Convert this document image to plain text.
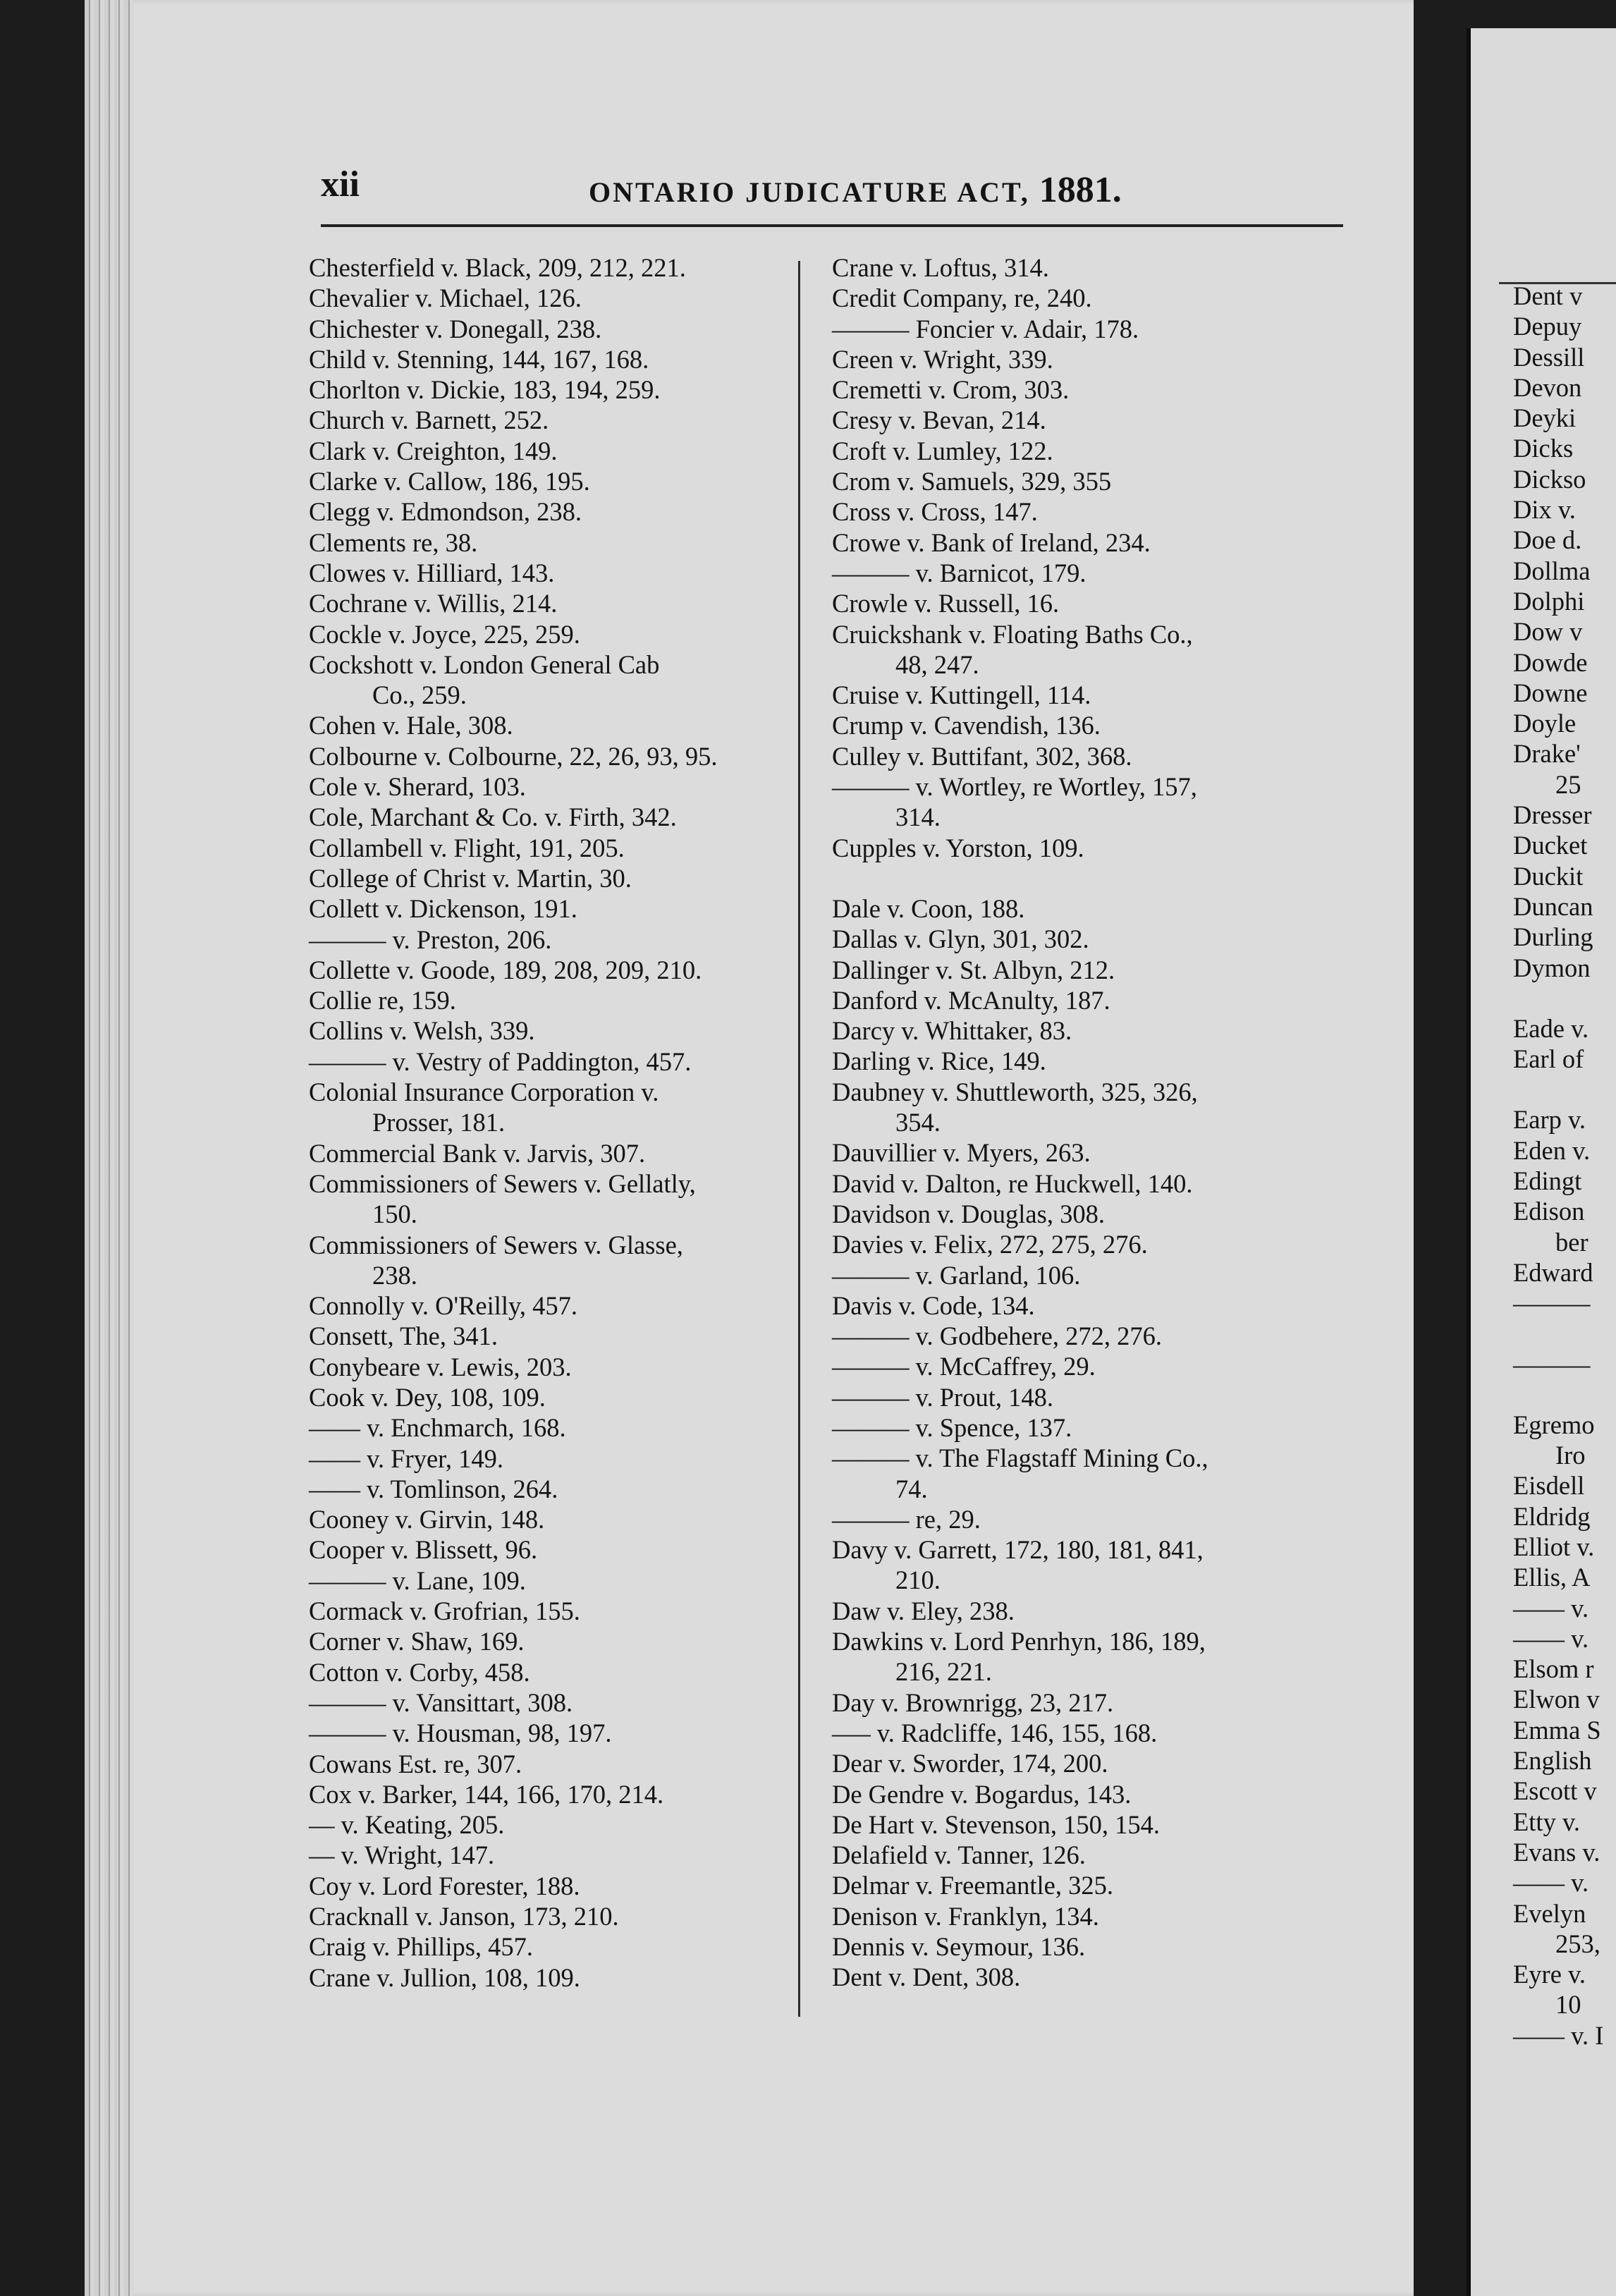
xii	ONTARIO JUDICATURE ACT, 1881.
Chesterfield v. Black, 209, 212, 221.
Chevalier v. Michael, 126.
Chichester v. Donegall, 238.
Child v. Stenning, 144, 167, 168.
Chorlton v. Dickie, 183, 194, 259.
Church v. Barnett, 252.
Clark v. Creighton, 149.
Clarke v. Callow, 186, 195.
Clegg v. Edmondson, 238.
Clements re, 38.
Clowes v. Hilliard, 143.
Cochrane v. Willis, 214.
Cockle v. Joyce, 225, 259.
Cockshott v. London General Cab
Co., 259.
Cohen v. Hale, 308.
Colbourne v. Colbourne, 22, 26, 93, 95.
Cole v. Sherard, 103.
Cole, Marchant & Co. v. Firth, 342.
Collambell v. Flight, 191, 205.
College of Christ v. Martin, 30.
Collett v. Dickenson, 191.
——— v. Preston, 206.
Collette v. Goode, 189, 208, 209, 210.
Collie re, 159.
Collins v. Welsh, 339.
——— v. Vestry of Paddington, 457.
Colonial Insurance Corporation v.
Prosser, 181.
Commercial Bank v. Jarvis, 307.
Commissioners of Sewers v. Gellatly,
150.
Commissioners of Sewers v. Glasse,
238.
Connolly v. O'Reilly, 457.
Consett, The, 341.
Conybeare v. Lewis, 203.
Cook v. Dey, 108, 109.
—— v. Enchmarch, 168.
—— v. Fryer, 149.
—— v. Tomlinson, 264.
Cooney v. Girvin, 148.
Cooper v. Blissett, 96.
——— v. Lane, 109.
Cormack v. Grofrian, 155.
Corner v. Shaw, 169.
Cotton v. Corby, 458.
——— v. Vansittart, 308.
——— v. Housman, 98, 197.
Cowans Est. re, 307.
Cox v. Barker, 144, 166, 170, 214.
— v. Keating, 205.
— v. Wright, 147.
Coy v. Lord Forester, 188.
Cracknall v. Janson, 173, 210.
Craig v. Phillips, 457.
Crane v. Jullion, 108, 109.
Crane v. Loftus, 314.
Credit Company, re, 240.
——— Foncier v. Adair, 178.
Creen v. Wright, 339.
Cremetti v. Crom, 303.
Cresy v. Bevan, 214.
Croft v. Lumley, 122.
Crom v. Samuels, 329, 355
Cross v. Cross, 147.
Crowe v. Bank of Ireland, 234.
——— v. Barnicot, 179.
Crowle v. Russell, 16.
Cruickshank v. Floating Baths Co.,
48, 247.
Cruise v. Kuttingell, 114.
Crump v. Cavendish, 136.
Culley v. Buttifant, 302, 368.
——— v. Wortley, re Wortley, 157,
314.
Cupples v. Yorston, 109.
Dale v. Coon, 188.
Dallas v. Glyn, 301, 302.
Dallinger v. St. Albyn, 212.
Danford v. McAnulty, 187.
Darcy v. Whittaker, 83.
Darling v. Rice, 149.
Daubney v. Shuttleworth, 325, 326,
354.
Dauvillier v. Myers, 263.
David v. Dalton, re Huckwell, 140.
Davidson v. Douglas, 308.
Davies v. Felix, 272, 275, 276.
——— v. Garland, 106.
Davis v. Code, 134.
——— v. Godbehere, 272, 276.
——— v. McCaffrey, 29.
——— v. Prout, 148.
——— v. Spence, 137.
——— v. The Flagstaff Mining Co.,
74.
——— re, 29.
Davy v. Garrett, 172, 180, 181, 841,
210.
Daw v. Eley, 238.
Dawkins v. Lord Penrhyn, 186, 189,
216, 221.
Day v. Brownrigg, 23, 217.
—– v. Radcliffe, 146, 155, 168.
Dear v. Sworder, 174, 200.
De Gendre v. Bogardus, 143.
De Hart v. Stevenson, 150, 154.
Delafield v. Tanner, 126.
Delmar v. Freemantle, 325.
Denison v. Franklyn, 134.
Dennis v. Seymour, 136.
Dent v. Dent, 308.
Dent v
Depuy
Dessill
Devon
Deyki
Dicks
Dickso
Dix v.
Doe d.
Dollma
Dolphi
Dow v
Dowde
Downe
Doyle
Drake'
25
Dresser
Ducket
Duckit
Duncan
Durling
Dymon
Eade v.
Earl of
Earp v.
Eden v.
Edingt
Edison
ber
Edward
———
———
Egremo
Iro
Eisdell
Eldridg
Elliot v.
Ellis, A
—— v.
—— v.
Elsom r
Elwon v
Emma S
English
Escott v
Etty v.
Evans v.
—— v.
Evelyn
253,
Eyre v.
10
—— v. I
